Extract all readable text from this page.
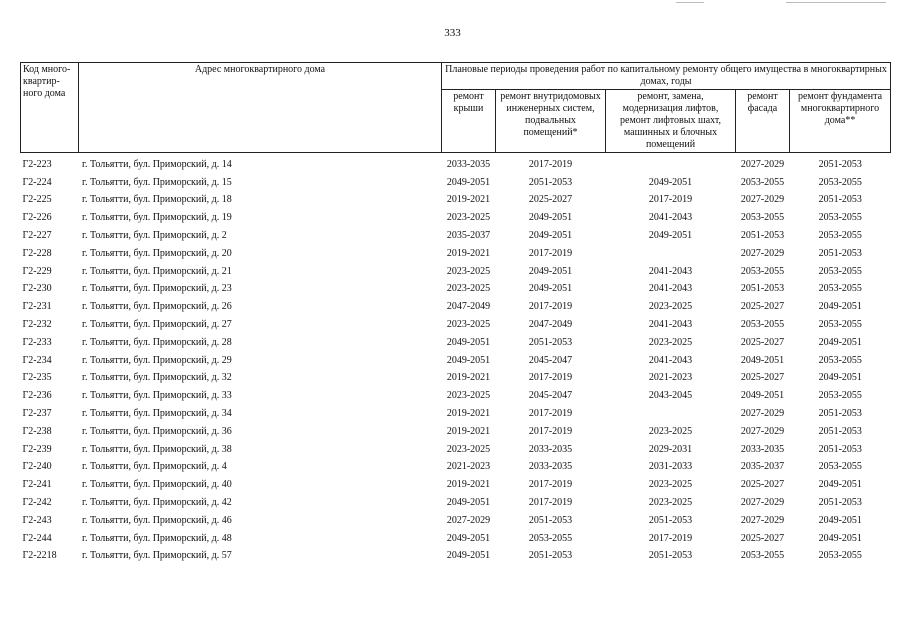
333
Код много-квартир-ного дома	Адрес многоквартирного дома	Плановые периоды проведения работ по капитальному ремонту общего имущества в многоквартирных домах, годы				
		ремонт крыши	ремонт внутридомовых инженерных систем, подвальных помещений*	ремонт, замена, модернизация лифтов, ремонт лифтовых шахт, машинных и блочных помещений	ремонт фасада	ремонт фундамента многоквартирного дома**
Г2-223	г. Тольятти, бул. Приморский, д. 14	2033-2035	2017-2019		2027-2029	2051-2053
Г2-224	г. Тольятти, бул. Приморский, д. 15	2049-2051	2051-2053	2049-2051	2053-2055	2053-2055
Г2-225	г. Тольятти, бул. Приморский, д. 18	2019-2021	2025-2027	2017-2019	2027-2029	2051-2053
Г2-226	г. Тольятти, бул. Приморский, д. 19	2023-2025	2049-2051	2041-2043	2053-2055	2053-2055
Г2-227	г. Тольятти, бул. Приморский, д. 2	2035-2037	2049-2051	2049-2051	2051-2053	2053-2055
Г2-228	г. Тольятти, бул. Приморский, д. 20	2019-2021	2017-2019		2027-2029	2051-2053
Г2-229	г. Тольятти, бул. Приморский, д. 21	2023-2025	2049-2051	2041-2043	2053-2055	2053-2055
Г2-230	г. Тольятти, бул. Приморский, д. 23	2023-2025	2049-2051	2041-2043	2051-2053	2053-2055
Г2-231	г. Тольятти, бул. Приморский, д. 26	2047-2049	2017-2019	2023-2025	2025-2027	2049-2051
Г2-232	г. Тольятти, бул. Приморский, д. 27	2023-2025	2047-2049	2041-2043	2053-2055	2053-2055
Г2-233	г. Тольятти, бул. Приморский, д. 28	2049-2051	2051-2053	2023-2025	2025-2027	2049-2051
Г2-234	г. Тольятти, бул. Приморский, д. 29	2049-2051	2045-2047	2041-2043	2049-2051	2053-2055
Г2-235	г. Тольятти, бул. Приморский, д. 32	2019-2021	2017-2019	2021-2023	2025-2027	2049-2051
Г2-236	г. Тольятти, бул. Приморский, д. 33	2023-2025	2045-2047	2043-2045	2049-2051	2053-2055
Г2-237	г. Тольятти, бул. Приморский, д. 34	2019-2021	2017-2019		2027-2029	2051-2053
Г2-238	г. Тольятти, бул. Приморский, д. 36	2019-2021	2017-2019	2023-2025	2027-2029	2051-2053
Г2-239	г. Тольятти, бул. Приморский, д. 38	2023-2025	2033-2035	2029-2031	2033-2035	2051-2053
Г2-240	г. Тольятти, бул. Приморский, д. 4	2021-2023	2033-2035	2031-2033	2035-2037	2053-2055
Г2-241	г. Тольятти, бул. Приморский, д. 40	2019-2021	2017-2019	2023-2025	2025-2027	2049-2051
Г2-242	г. Тольятти, бул. Приморский, д. 42	2049-2051	2017-2019	2023-2025	2027-2029	2051-2053
Г2-243	г. Тольятти, бул. Приморский, д. 46	2027-2029	2051-2053	2051-2053	2027-2029	2049-2051
Г2-244	г. Тольятти, бул. Приморский, д. 48	2049-2051	2053-2055	2017-2019	2025-2027	2049-2051
Г2-2218	г. Тольятти, бул. Приморский, д. 57	2049-2051	2051-2053	2051-2053	2053-2055	2053-2055
